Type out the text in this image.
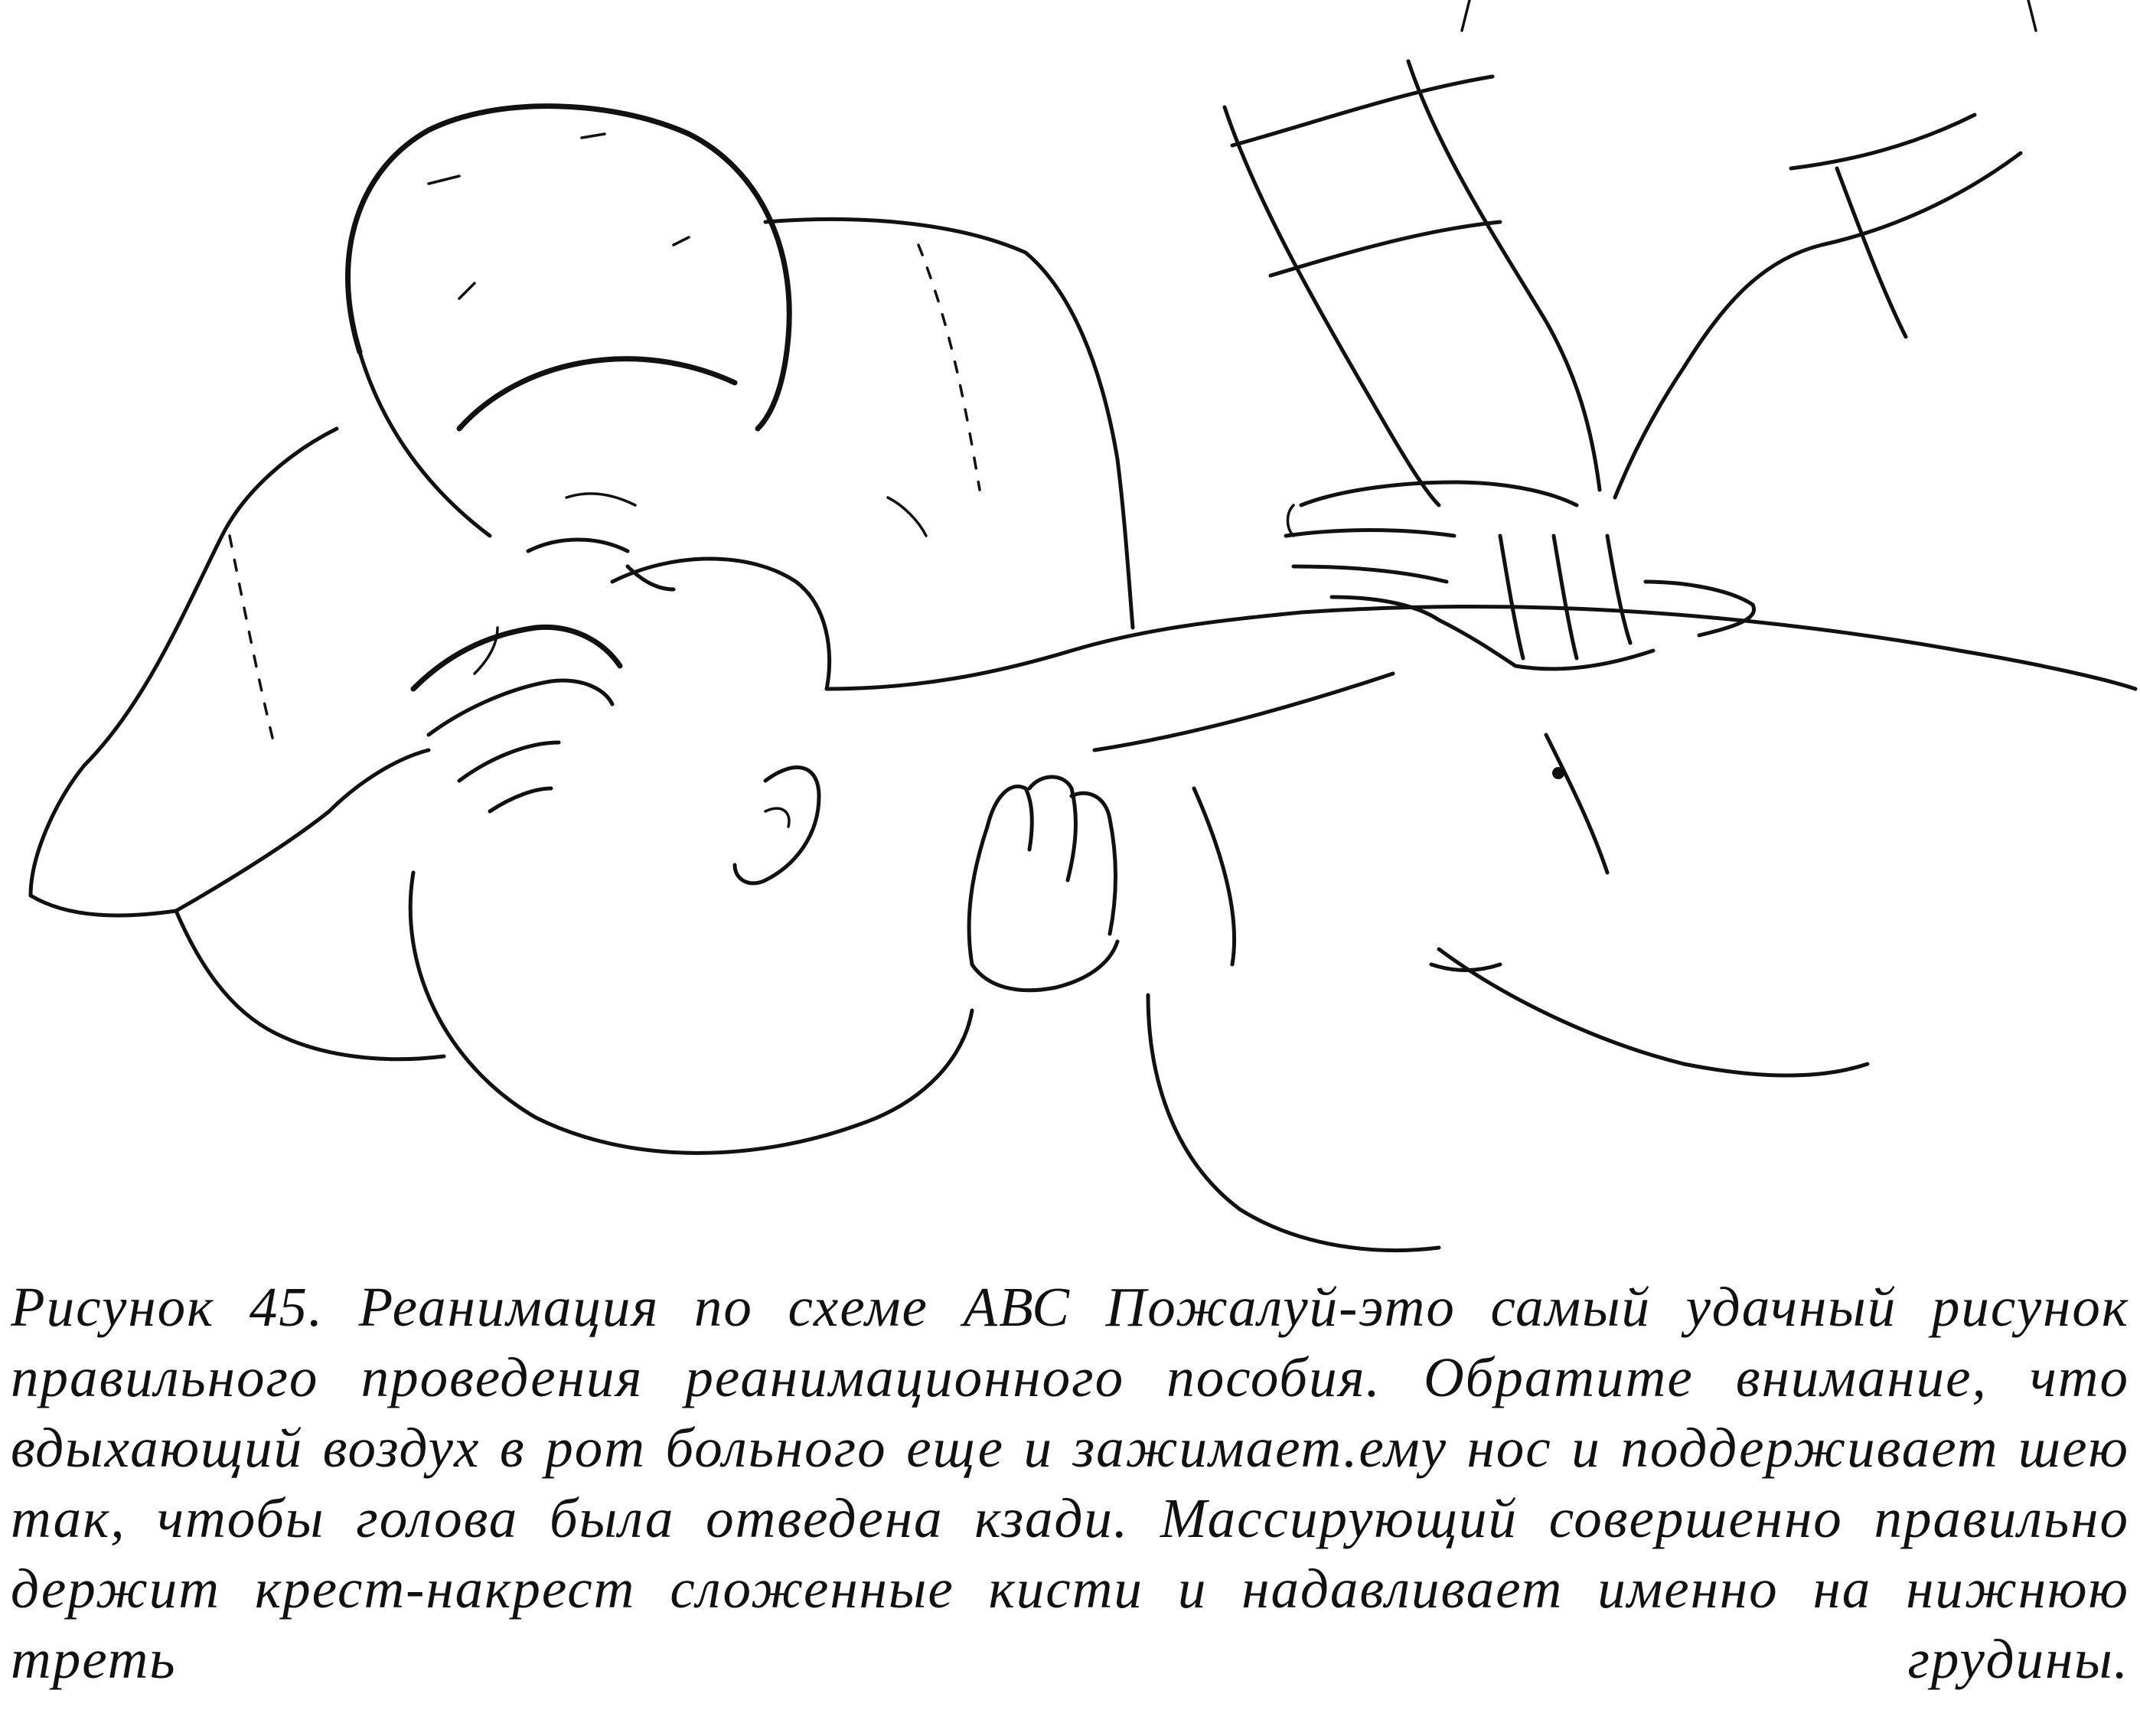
Рисунок 45. Реанимация по схеме АВС Пожалуй-это самый удачный рисунок
правильного проведения реанимационного пособия. Обратите внимание, что
вдыхающий воздух в рот больного еще и зажимает.ему нос и поддерживает шею
так, чтобы голова была отведена кзади. Массирующий совершенно правильно
держит крест-накрест сложенные кисти и надавливает именно на нижнюю
треть	грудины.
